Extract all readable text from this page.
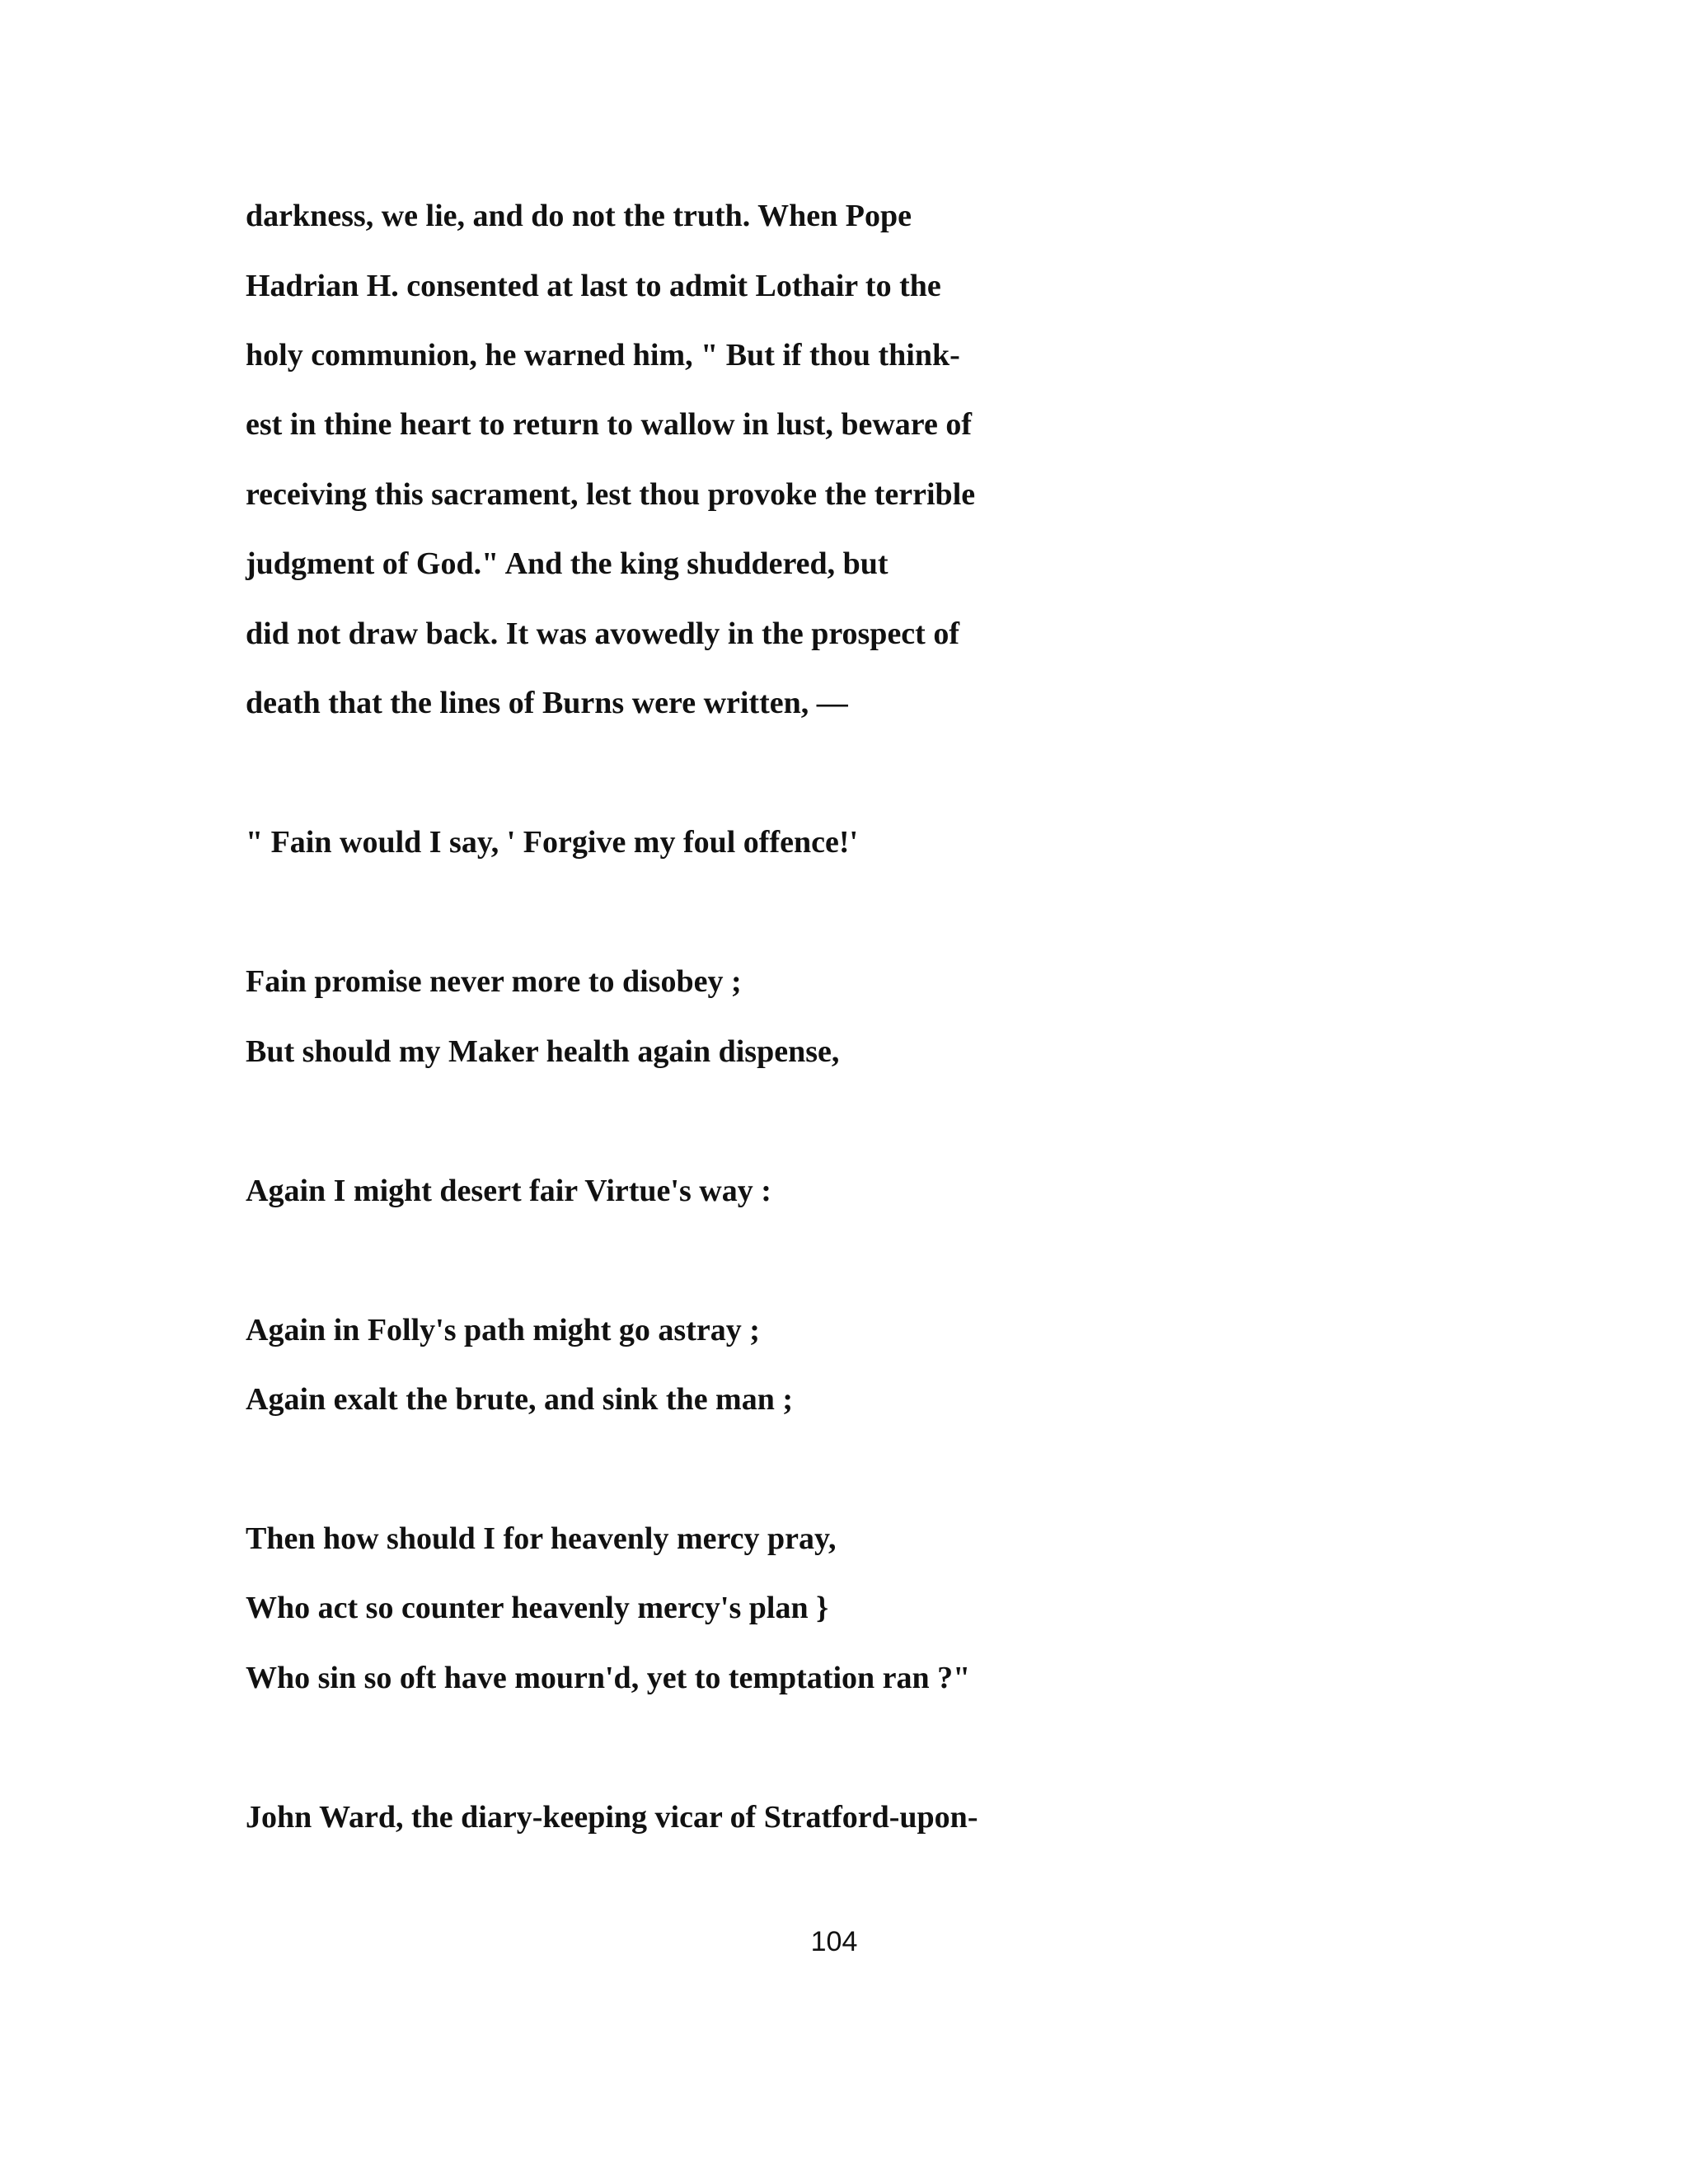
darkness, we lie, and do not the truth. When Pope

Hadrian H. consented at last to admit Lothair to the

holy communion, he warned him, " But if thou think-

est in thine heart to return to wallow in lust, beware of

receiving this sacrament, lest thou provoke the terrible

judgment of God." And the king shuddered, but

did not draw back. It was avowedly in the prospect of

death that the lines of Burns were written, —

" Fain would I say, ' Forgive my foul offence!'

Fain promise never more to disobey ;

But should my Maker health again dispense,

Again I might desert fair Virtue's way :

Again in Folly's path might go astray ;

Again exalt the brute, and sink the man ;

Then how should I for heavenly mercy pray,

Who act so counter heavenly mercy's plan }

Who sin so oft have mourn'd, yet to temptation ran ?"

John Ward, the diary-keeping vicar of Stratford-upon-

104
